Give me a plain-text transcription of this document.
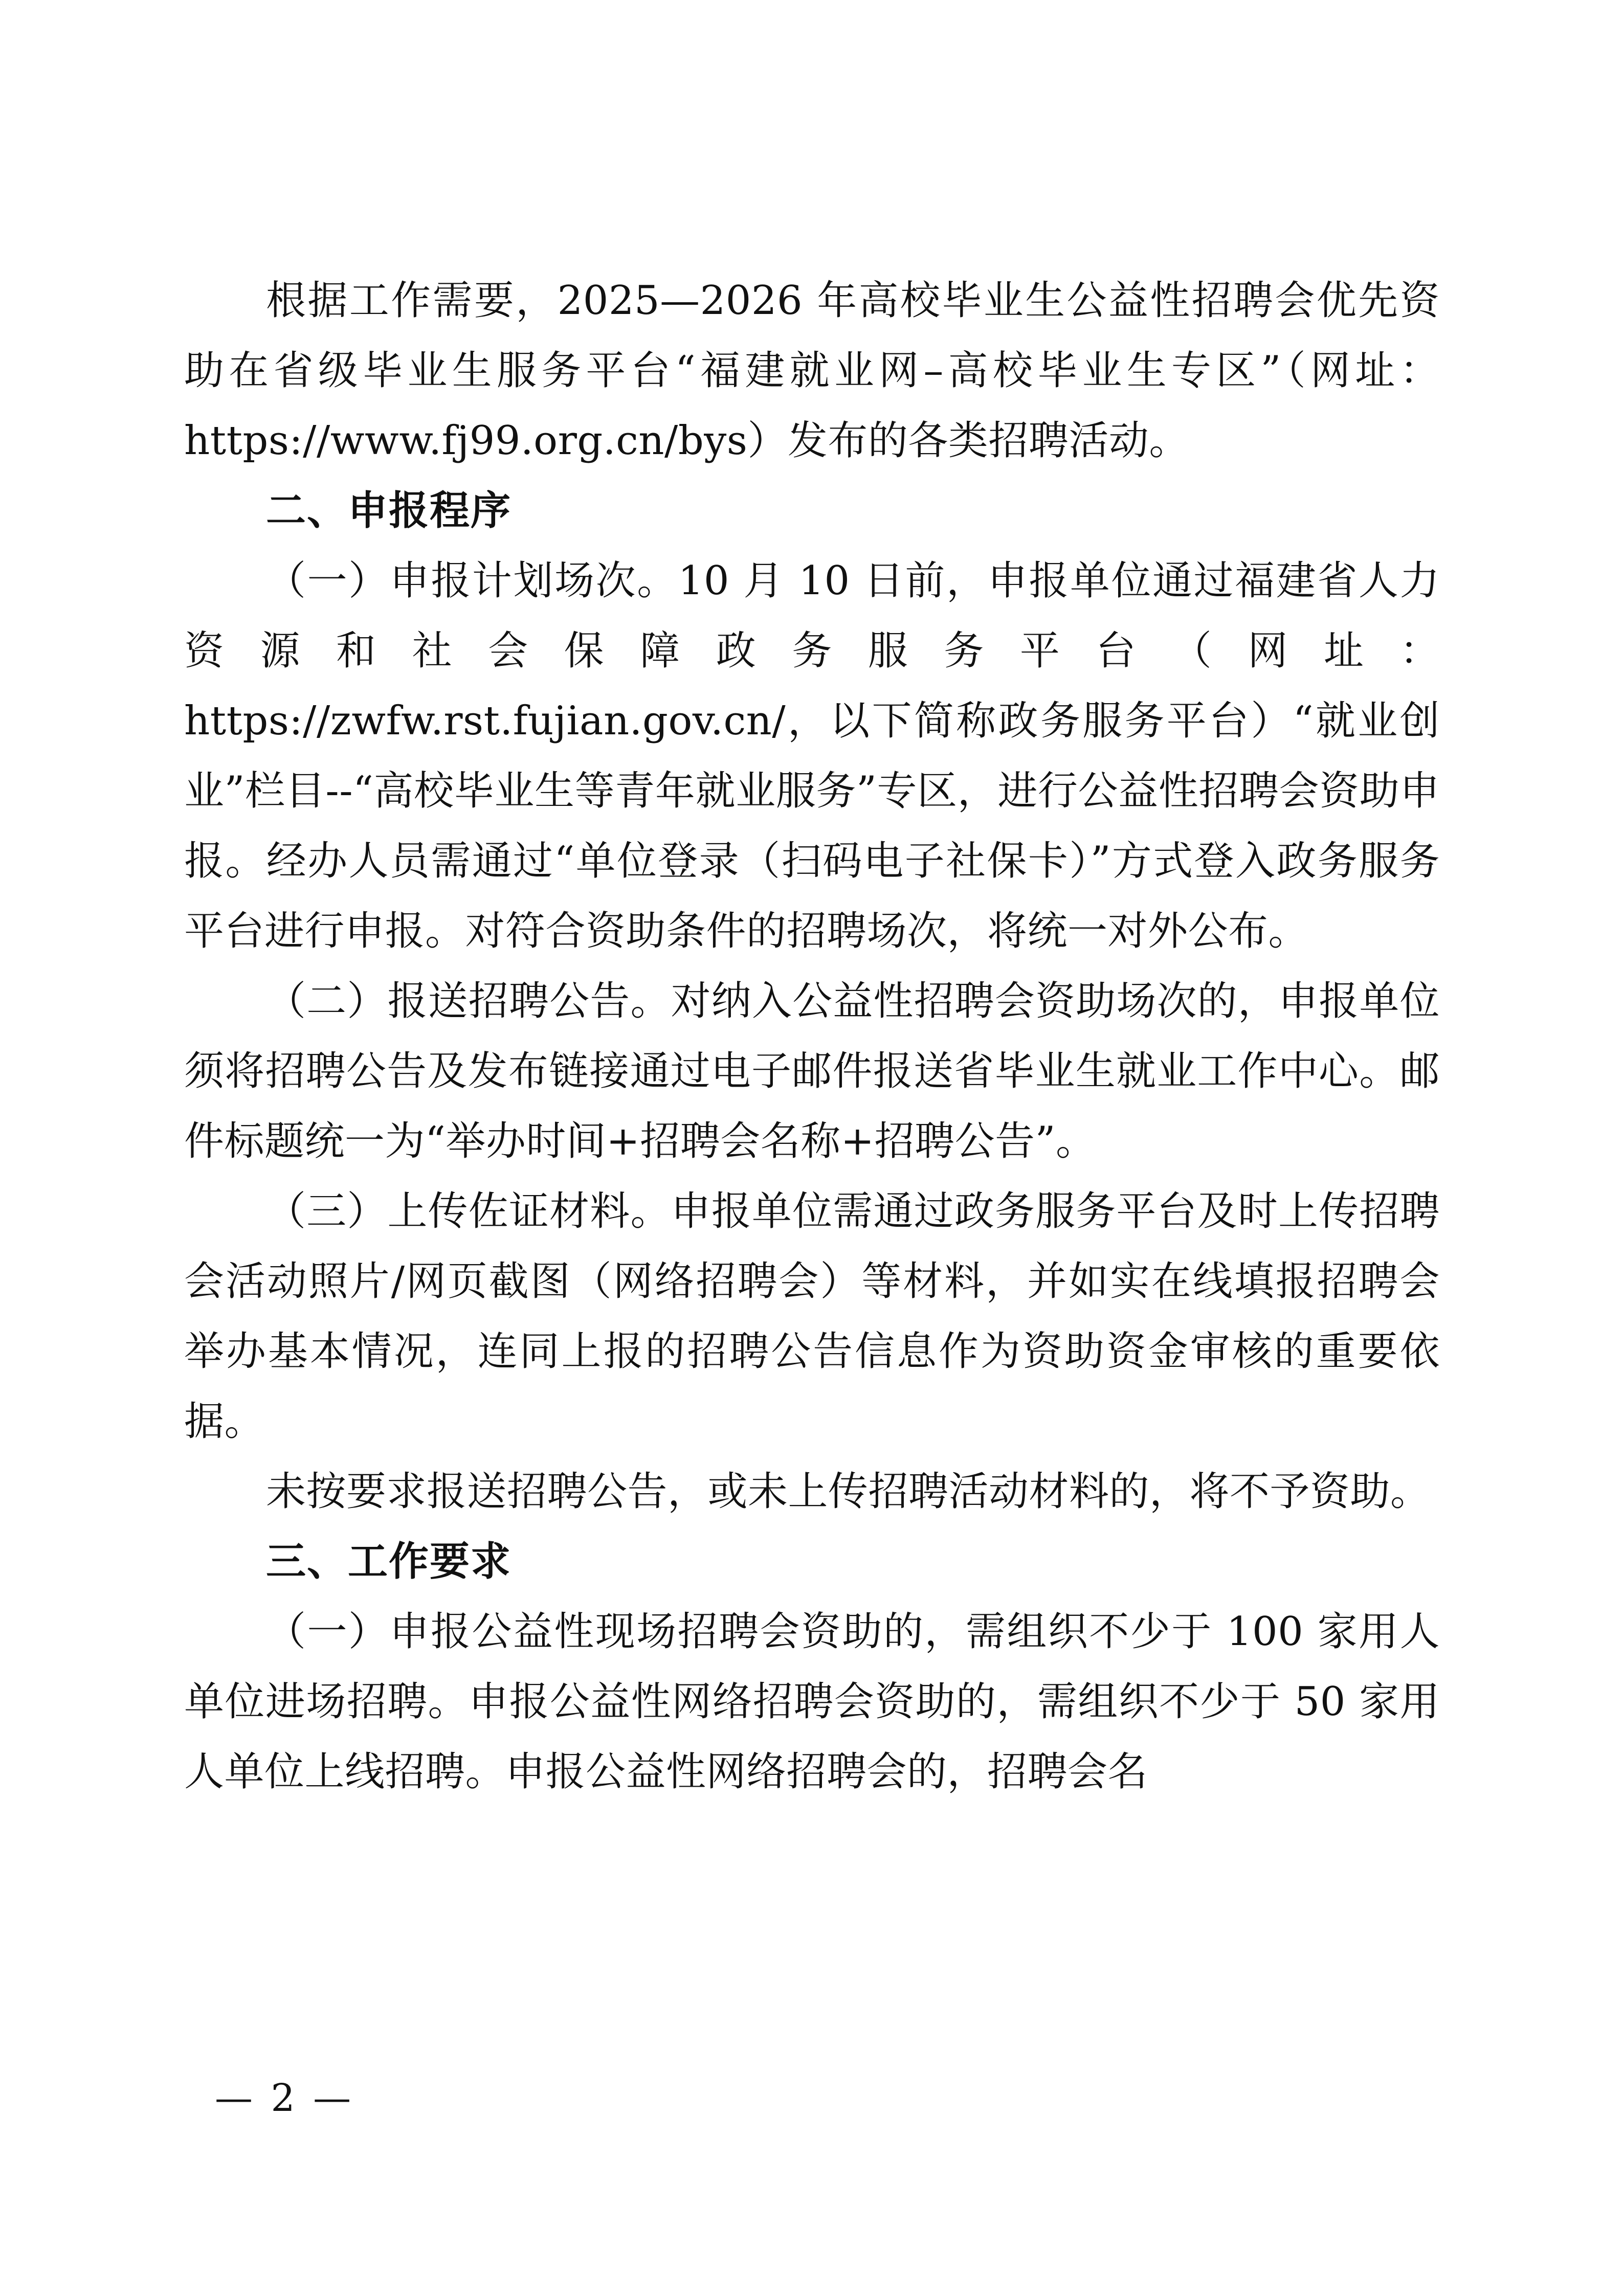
根据工作需要，2025—2026 年高校毕业生公益性招聘会优先资助在省级毕业生服务平台“福建就业网–高校毕业生专区”（网址：https://www.fj99.org.cn/bys）发布的各类招聘活动。

二、申报程序

（一）申报计划场次。10 月 10 日前，申报单位通过福建省人力资源和社会保障政务服务平台（网址：https://zwfw.rst.fujian.gov.cn/，以下简称政务服务平台）“就业创业”栏目--“高校毕业生等青年就业服务”专区，进行公益性招聘会资助申报。经办人员需通过“单位登录（扫码电子社保卡）”方式登入政务服务平台进行申报。对符合资助条件的招聘场次，将统一对外公布。

（二）报送招聘公告。对纳入公益性招聘会资助场次的，申报单位须将招聘公告及发布链接通过电子邮件报送省毕业生就业工作中心。邮件标题统一为“举办时间+招聘会名称+招聘公告”。

（三）上传佐证材料。申报单位需通过政务服务平台及时上传招聘会活动照片/网页截图（网络招聘会）等材料，并如实在线填报招聘会举办基本情况，连同上报的招聘公告信息作为资助资金审核的重要依据。

未按要求报送招聘公告，或未上传招聘活动材料的，将不予资助。

三、工作要求

（一）申报公益性现场招聘会资助的，需组织不少于 100 家用人单位进场招聘。申报公益性网络招聘会资助的，需组织不少于 50 家用人单位上线招聘。申报公益性网络招聘会的，招聘会名

— 2 —
